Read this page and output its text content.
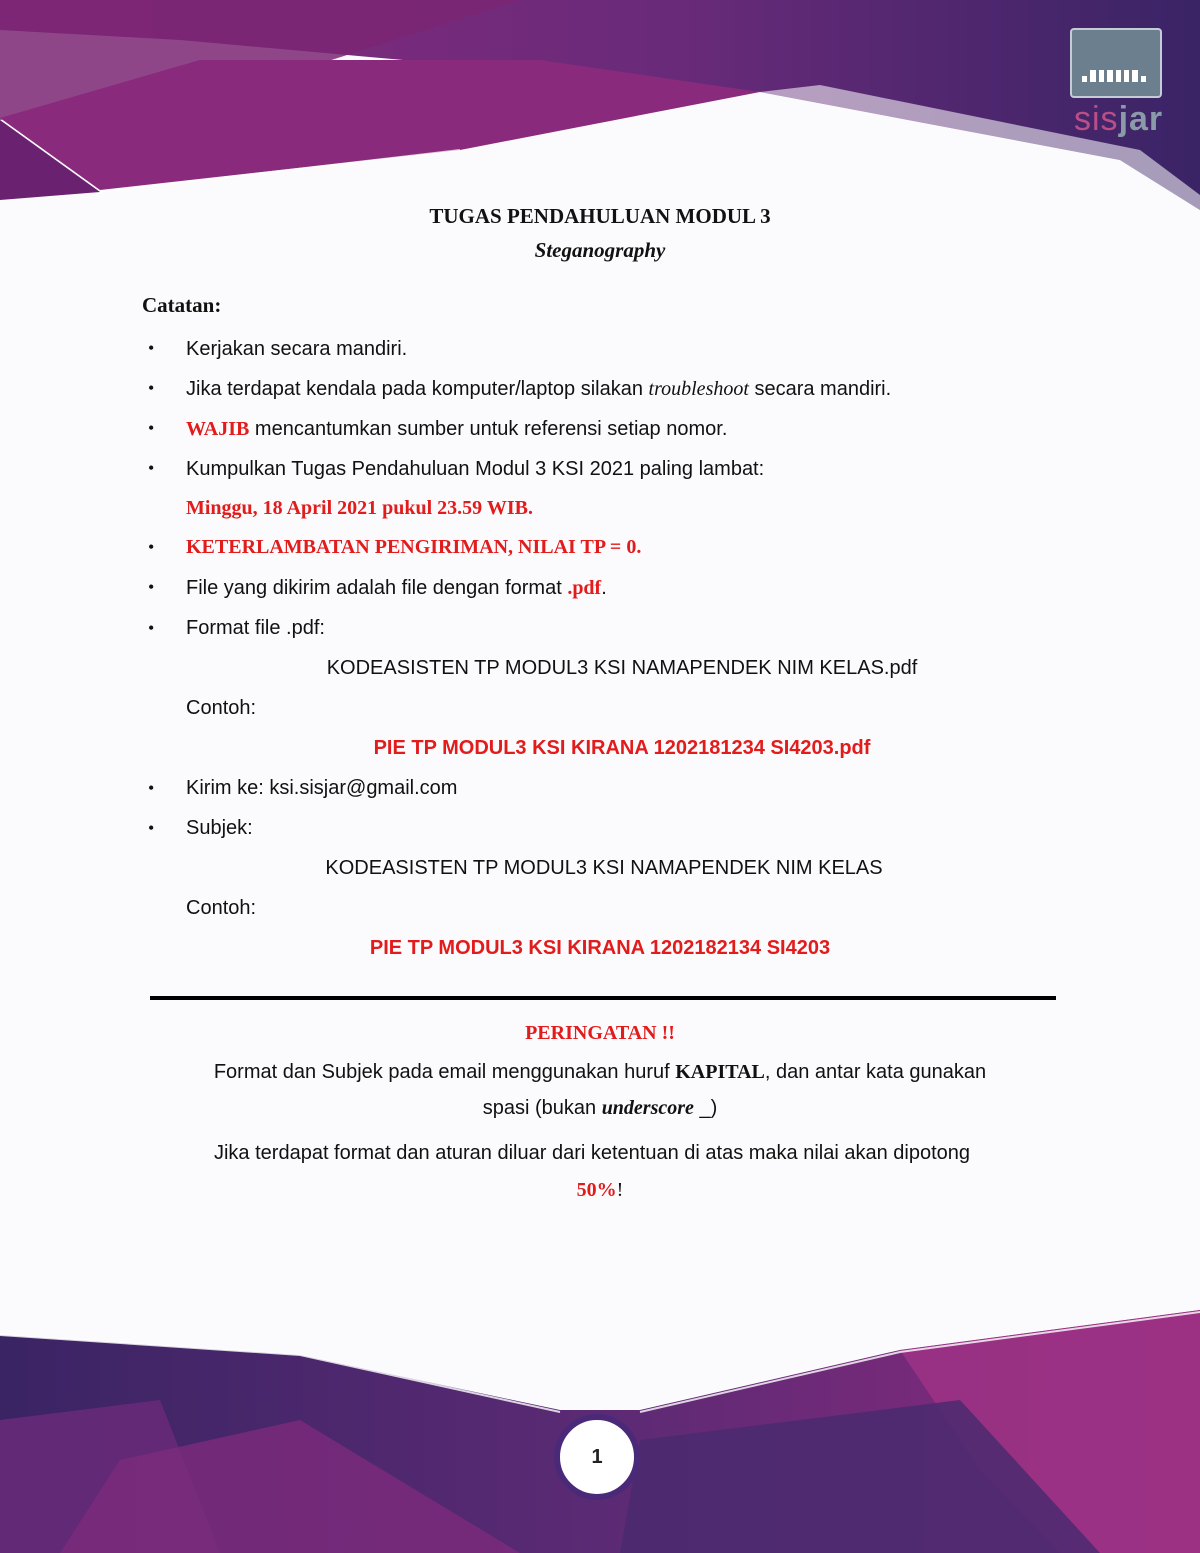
sisjar
TUGAS PENDAHULUAN MODUL 3
Steganography
Catatan:
• Kerjakan secara mandiri.
• Jika terdapat kendala pada komputer/laptop silakan troubleshoot secara mandiri.
• WAJIB mencantumkan sumber untuk referensi setiap nomor.
• Kumpulkan Tugas Pendahuluan Modul 3 KSI 2021 paling lambat:
Minggu, 18 April 2021 pukul 23.59 WIB.
• KETERLAMBATAN PENGIRIMAN, NILAI TP = 0.
• File yang dikirim adalah file dengan format .pdf.
• Format file .pdf:
KODEASISTEN TP MODUL3 KSI NAMAPENDEK NIM KELAS.pdf
Contoh:
PIE TP MODUL3 KSI KIRANA 1202181234 SI4203.pdf
• Kirim ke: ksi.sisjar@gmail.com
• Subjek:
KODEASISTEN TP MODUL3 KSI NAMAPENDEK NIM KELAS
Contoh:
PIE TP MODUL3 KSI KIRANA 1202182134 SI4203
PERINGATAN !!
Format dan Subjek pada email menggunakan huruf KAPITAL, dan antar kata gunakan
spasi (bukan underscore _)
Jika terdapat format dan aturan diluar dari ketentuan di atas maka nilai akan dipotong
50%!
1
